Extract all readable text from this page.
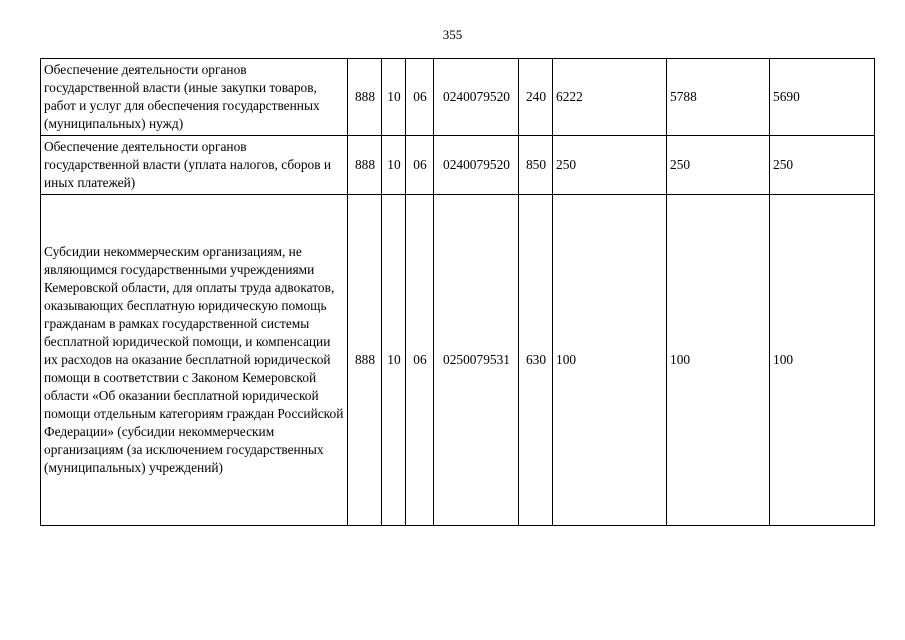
355
Обеспечение деятельности органов государственной власти (иные закупки товаров, работ и услуг для обеспечения государственных (муниципальных) нужд)	888	10	06	0240079520	240	6222	5788	5690
Обеспечение деятельности органов государственной власти (уплата налогов, сборов и иных платежей)	888	10	06	0240079520	850	250	250	250
Субсидии некоммерческим организациям, не являющимся государственными учреждениями Кемеровской области, для оплаты труда адвокатов, оказывающих бесплатную юридическую помощь гражданам в рамках государственной системы бесплатной юридической помощи, и компенсации их расходов на оказание бесплатной юридической помощи в соответствии с Законом Кемеровской области «Об оказании бесплатной юридической помощи отдельным категориям граждан Российской Федерации» (субсидии некоммерческим организациям (за исключением государственных (муниципальных) учреждений)	888	10	06	0250079531	630	100	100	100
